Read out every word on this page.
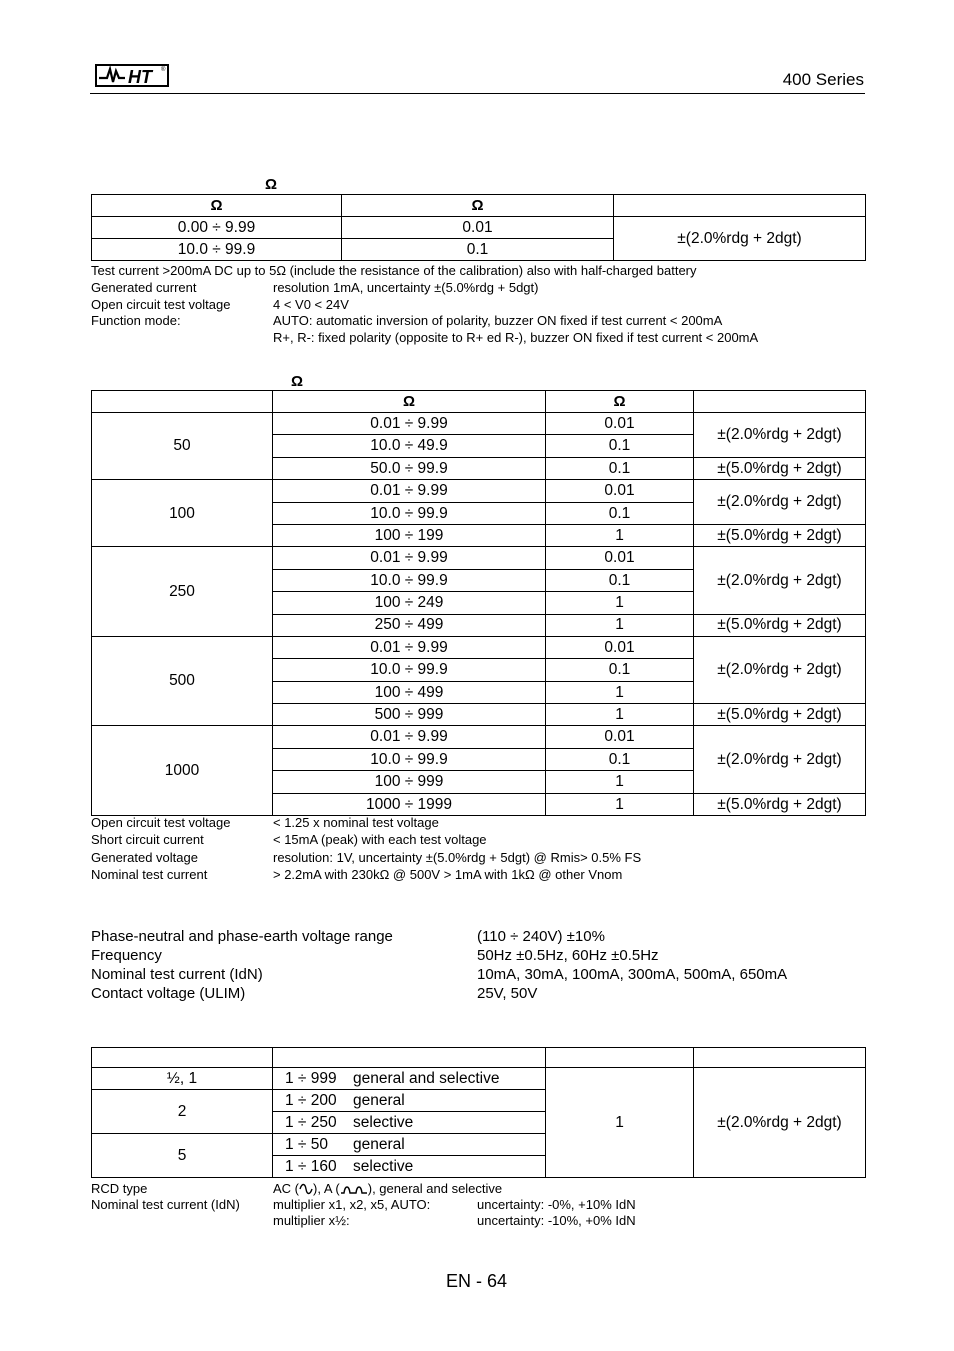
HT	®	400 Series
Ω
Ω	Ω	
0.00 ÷ 9.99	0.01	±(2.0%rdg + 2dgt)
10.0 ÷ 99.9	0.1	
Test current >200mA DC up to 5Ω (include the resistance of the calibration) also with half-charged battery
Generated current	resolution 1mA, uncertainty ±(5.0%rdg + 5dgt)
Open circuit test voltage	4 < V0 < 24V
Function mode:	AUTO: automatic inversion of polarity, buzzer ON fixed if test current < 200mA
R+, R-: fixed polarity (opposite to R+ ed R-), buzzer ON fixed if test current < 200mA
Ω
	Ω	Ω	
50	0.01 ÷ 9.99	0.01	±(2.0%rdg + 2dgt)
	10.0 ÷ 49.9	0.1	
	50.0 ÷ 99.9	0.1	±(5.0%rdg + 2dgt)
100	0.01 ÷ 9.99	0.01	±(2.0%rdg + 2dgt)
	10.0 ÷ 99.9	0.1	
	100 ÷ 199	1	±(5.0%rdg + 2dgt)
250	0.01 ÷ 9.99	0.01	±(2.0%rdg + 2dgt)
	10.0 ÷ 99.9	0.1	
	100 ÷ 249	1	
	250 ÷ 499	1	±(5.0%rdg + 2dgt)
500	0.01 ÷ 9.99	0.01	±(2.0%rdg + 2dgt)
	10.0 ÷ 99.9	0.1	
	100 ÷ 499	1	
	500 ÷ 999	1	±(5.0%rdg + 2dgt)
1000	0.01 ÷ 9.99	0.01	±(2.0%rdg + 2dgt)
	10.0 ÷ 99.9	0.1	
	100 ÷ 999	1	
	1000 ÷ 1999	1	±(5.0%rdg + 2dgt)
Open circuit test voltage	< 1.25 x nominal test voltage
Short circuit current	< 15mA (peak) with each test voltage
Generated voltage	resolution: 1V, uncertainty ±(5.0%rdg + 5dgt) @ Rmis> 0.5% FS
Nominal test current	> 2.2mA with 230kΩ @ 500V > 1mA with 1kΩ @ other Vnom
Phase-neutral and phase-earth voltage range	(110 ÷ 240V) ±10%
Frequency	50Hz ±0.5Hz, 60Hz ±0.5Hz
Nominal test current (IdN)	10mA, 30mA, 100mA, 300mA, 500mA, 650mA
Contact voltage (ULIM)	25V, 50V

½, 1	1 ÷ 999 general and selective	1	±(2.0%rdg + 2dgt)
2	1 ÷ 200 general		
	1 ÷ 250 selective		
5	1 ÷ 50 general		
	1 ÷ 160 selective		
RCD type	AC ( ), A ( ), general and selective
Nominal test current (IdN)	multiplier x1, x2, x5, AUTO:	uncertainty: -0%, +10% IdN
multiplier x½:	uncertainty: -10%, +0% IdN
EN - 64
